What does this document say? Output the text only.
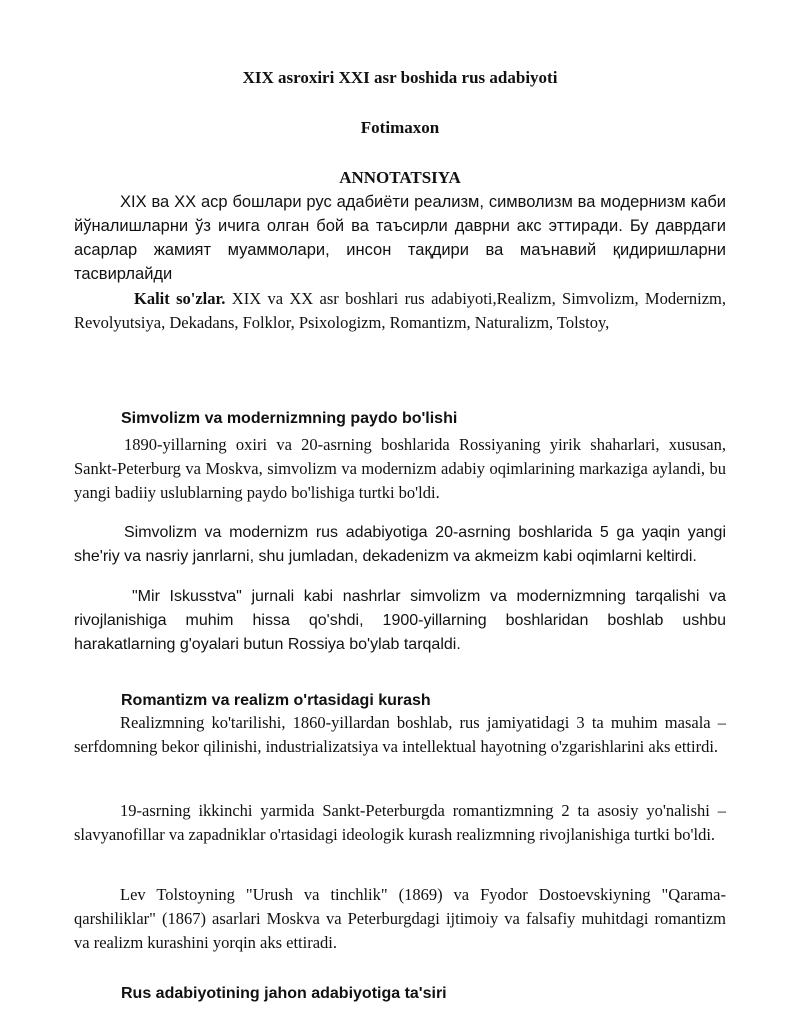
XIX asroxiri XXI asr boshida rus adabiyoti
Fotimaxon
ANNOTATSIYA

XIX ва XX аср бошлари рус адабиёти реализм, символизм ва модернизм каби йўналишларни ўз ичига олган бой ва таъсирли даврни акс эттиради. Бу даврдаги асарлар жамият муаммолари, инсон тақдири ва маънавий қидиришларни тасвирлайди

Kalit so'zlar. XIX va XX asr boshlari rus adabiyoti,Realizm, Simvolizm, Modernizm, Revolyutsiya, Dekadans, Folklor, Psixologizm, Romantizm, Naturalizm, Tolstoy,

Simvolizm va modernizmning paydo bo'lishi

1890-yillarning oxiri va 20-asrning boshlarida Rossiyaning yirik shaharlari, xususan, Sankt-Peterburg va Moskva, simvolizm va modernizm adabiy oqimlarining markaziga aylandi, bu yangi badiiy uslublarning paydo bo'lishiga turtki bo'ldi.

Simvolizm va modernizm rus adabiyotiga 20-asrning boshlarida 5 ga yaqin yangi she'riy va nasriy janrlarni, shu jumladan, dekadenizm va akmeizm kabi oqimlarni keltirdi.

"Mir Iskusstva" jurnali kabi nashrlar simvolizm va modernizmning tarqalishi va rivojlanishiga muhim hissa qo'shdi, 1900-yillarning boshlaridan boshlab ushbu harakatlarning g'oyalari butun Rossiya bo'ylab tarqaldi.

Romantizm va realizm o'rtasidagi kurash

Realizmning ko'tarilishi, 1860-yillardan boshlab, rus jamiyatidagi 3 ta muhim masala – serfdomning bekor qilinishi, industrializatsiya va intellektual hayotning o'zgarishlarini aks ettirdi.

19-asrning ikkinchi yarmida Sankt-Peterburgda romantizmning 2 ta asosiy yo'nalishi – slavyanofillar va zapadniklar o'rtasidagi ideologik kurash realizmning rivojlanishiga turtki bo'ldi.

Lev Tolstoyning "Urush va tinchlik" (1869) va Fyodor Dostoevskiyning "Qarama-qarshiliklar" (1867) asarlari Moskva va Peterburgdagi ijtimoiy va falsafiy muhitdagi romantizm va realizm kurashini yorqin aks ettiradi.

Rus adabiyotining jahon adabiyotiga ta'siri
